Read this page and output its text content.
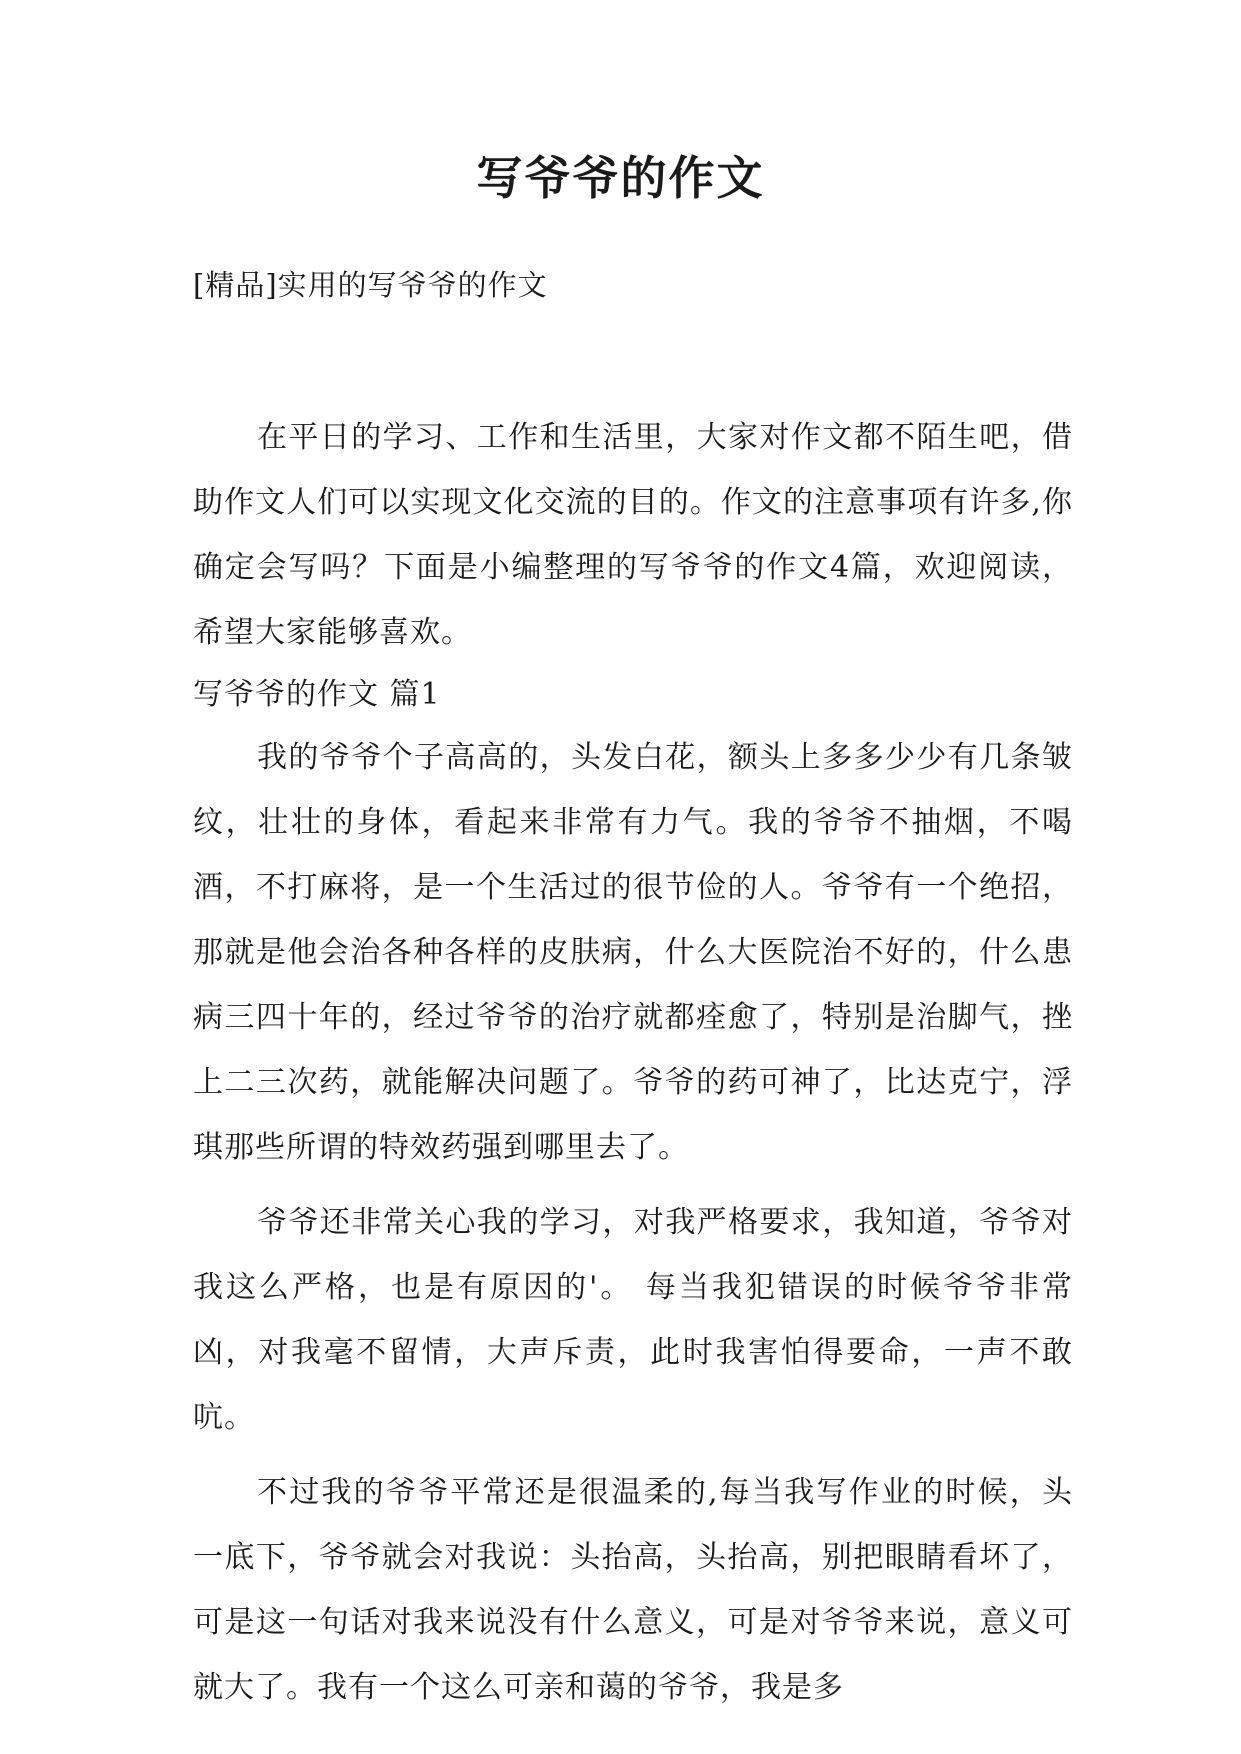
写爷爷的作文

[精品]实用的写爷爷的作文

在平日的学习、工作和生活里，大家对作文都不陌生吧，借助作文人们可以实现文化交流的目的。作文的注意事项有许多,你确定会写吗？下面是小编整理的写爷爷的作文4篇，欢迎阅读，希望大家能够喜欢。

写爷爷的作文 篇1

我的爷爷个子高高的，头发白花，额头上多多少少有几条皱纹，壮壮的身体，看起来非常有力气。我的爷爷不抽烟，不喝酒，不打麻将，是一个生活过的很节俭的人。爷爷有一个绝招，那就是他会治各种各样的皮肤病，什么大医院治不好的，什么患病三四十年的，经过爷爷的治疗就都痊愈了，特别是治脚气，挫上二三次药，就能解决问题了。爷爷的药可神了，比达克宁，浮琪那些所谓的特效药强到哪里去了。

爷爷还非常关心我的学习，对我严格要求，我知道，爷爷对我这么严格，也是有原因的'。 每当我犯错误的时候爷爷非常凶，对我毫不留情，大声斥责，此时我害怕得要命，一声不敢吭。

不过我的爷爷平常还是很温柔的,每当我写作业的时候，头一底下，爷爷就会对我说：头抬高，头抬高，别把眼睛看坏了，可是这一句话对我来说没有什么意义，可是对爷爷来说，意义可就大了。我有一个这么可亲和蔼的爷爷，我是多
